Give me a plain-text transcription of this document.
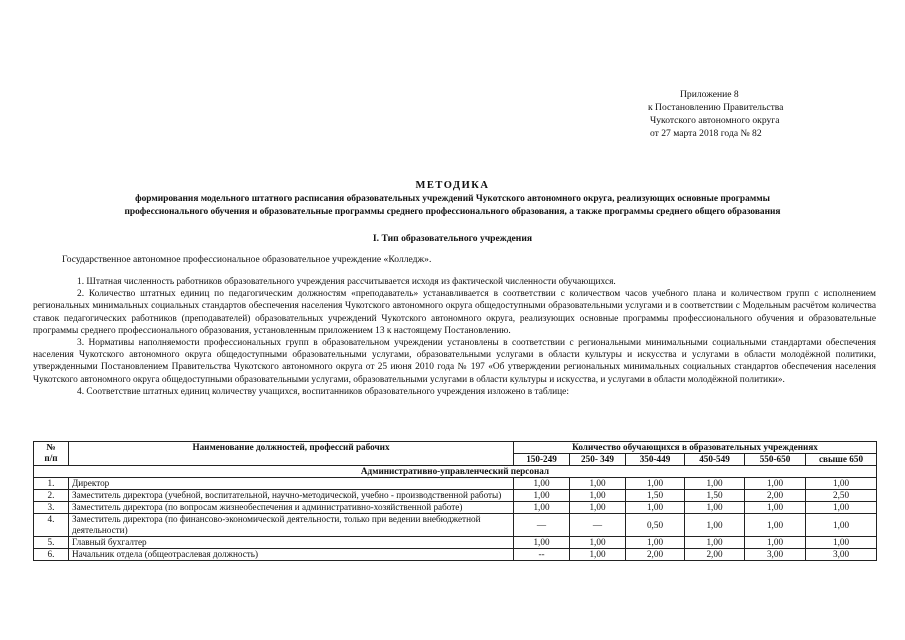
Приложение 8
к Постановлению Правительства
Чукотского автономного округа
от 27 марта 2018 года № 82
МЕТОДИКА
формирования модельного штатного расписания образовательных учреждений Чукотского автономного округа, реализующих основные программы
профессионального обучения и образовательные программы среднего профессионального образования, а также программы среднего общего образования
I. Тип образовательного учреждения
Государственное автономное профессиональное образовательное учреждение «Колледж».

1. Штатная численность работников образовательного учреждения рассчитывается исходя из фактической численности обучающихся.

2. Количество штатных единиц по педагогическим должностям «преподаватель» устанавливается в соответствии с количеством часов учебного плана и количеством групп с исполнением региональных минимальных социальных стандартов обеспечения населения Чукотского автономного округа общедоступными образовательными услугами и в соответствии с Модельным расчётом количества ставок педагогических работников (преподавателей) образовательных учреждений Чукотского автономного округа, реализующих основные программы профессионального обучения и образовательные программы среднего профессионального образования, установленным приложением 13 к настоящему Постановлению.

3. Нормативы наполняемости профессиональных групп в образовательном учреждении установлены в соответствии с региональными минимальными социальными стандартами обеспечения населения Чукотского автономного округа общедоступными образовательными услугами, образовательными услугами в области культуры и искусства и услугами в области молодёжной политики, утвержденными Постановлением Правительства Чукотского автономного округа от 25 июня 2010 года № 197 «Об утверждении региональных минимальных социальных стандартов обеспечения населения Чукотского автономного округа общедоступными образовательными услугами, образовательными услугами в области культуры и искусства, и услугами в области молодёжной политики».

4. Соответствие штатных единиц количеству учащихся, воспитанников образовательного учреждения изложено в таблице:

№
п/п	Наименование должностей, профессий рабочих	Количество обучающихся в образовательных учреждениях					
		150-249	250- 349	350-449	450-549	550-650	свыше 650
Административно-управленческий персонал							
1.	Директор	1,00	1,00	1,00	1,00	1,00	1,00
2.	Заместитель директора (учебной, воспитательной, научно-методической, учебно - производственной работы)	1,00	1,00	1,50	1,50	2,00	2,50
3.	Заместитель директора (по вопросам жизнеобеспечения и административно-хозяйственной работе)	1,00	1,00	1,00	1,00	1,00	1,00
4.	Заместитель директора (по финансово-экономической деятельности, только при ведении внебюджетной деятельности)	—	—	0,50	1,00	1,00	1,00
5.	Главный бухгалтер	1,00	1,00	1,00	1,00	1,00	1,00
6.	Начальник отдела (общеотраслевая должность)	--	1,00	2,00	2,00	3,00	3,00
